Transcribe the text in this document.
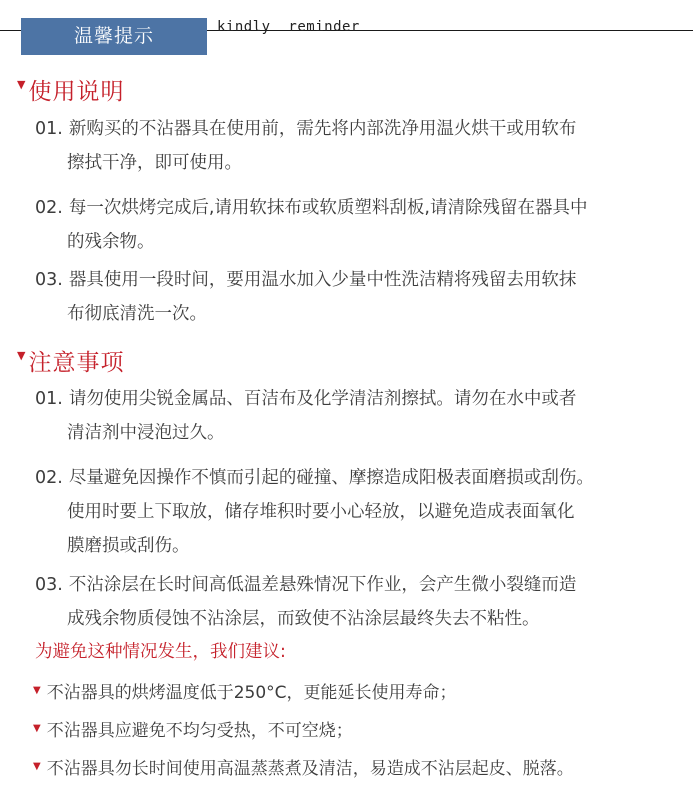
温馨提示	kindly  reminder
▼使用说明
01. 新购买的不沾器具在使用前，需先将内部洗净用温火烘干或用软布
擦拭干净，即可使用。
02. 每一次烘烤完成后,请用软抹布或软质塑料刮板,请清除残留在器具中
的残余物。
03. 器具使用一段时间，要用温水加入少量中性洗洁精将残留去用软抹
布彻底清洗一次。
▼注意事项
01. 请勿使用尖锐金属品、百洁布及化学清洁剂擦拭。请勿在水中或者
清洁剂中浸泡过久。
02. 尽量避免因操作不慎而引起的碰撞、摩擦造成阳极表面磨损或刮伤。
使用时要上下取放，储存堆积时要小心轻放，以避免造成表面氧化
膜磨损或刮伤。
03. 不沾涂层在长时间高低温差悬殊情况下作业，会产生微小裂缝而造
成残余物质侵蚀不沾涂层，而致使不沾涂层最终失去不粘性。
为避免这种情况发生，我们建议:
▼ 不沾器具的烘烤温度低于250°C，更能延长使用寿命；
▼ 不沾器具应避免不均匀受热，不可空烧；
▼ 不沾器具勿长时间使用高温蒸蒸煮及清洁，易造成不沾层起皮、脱落。
